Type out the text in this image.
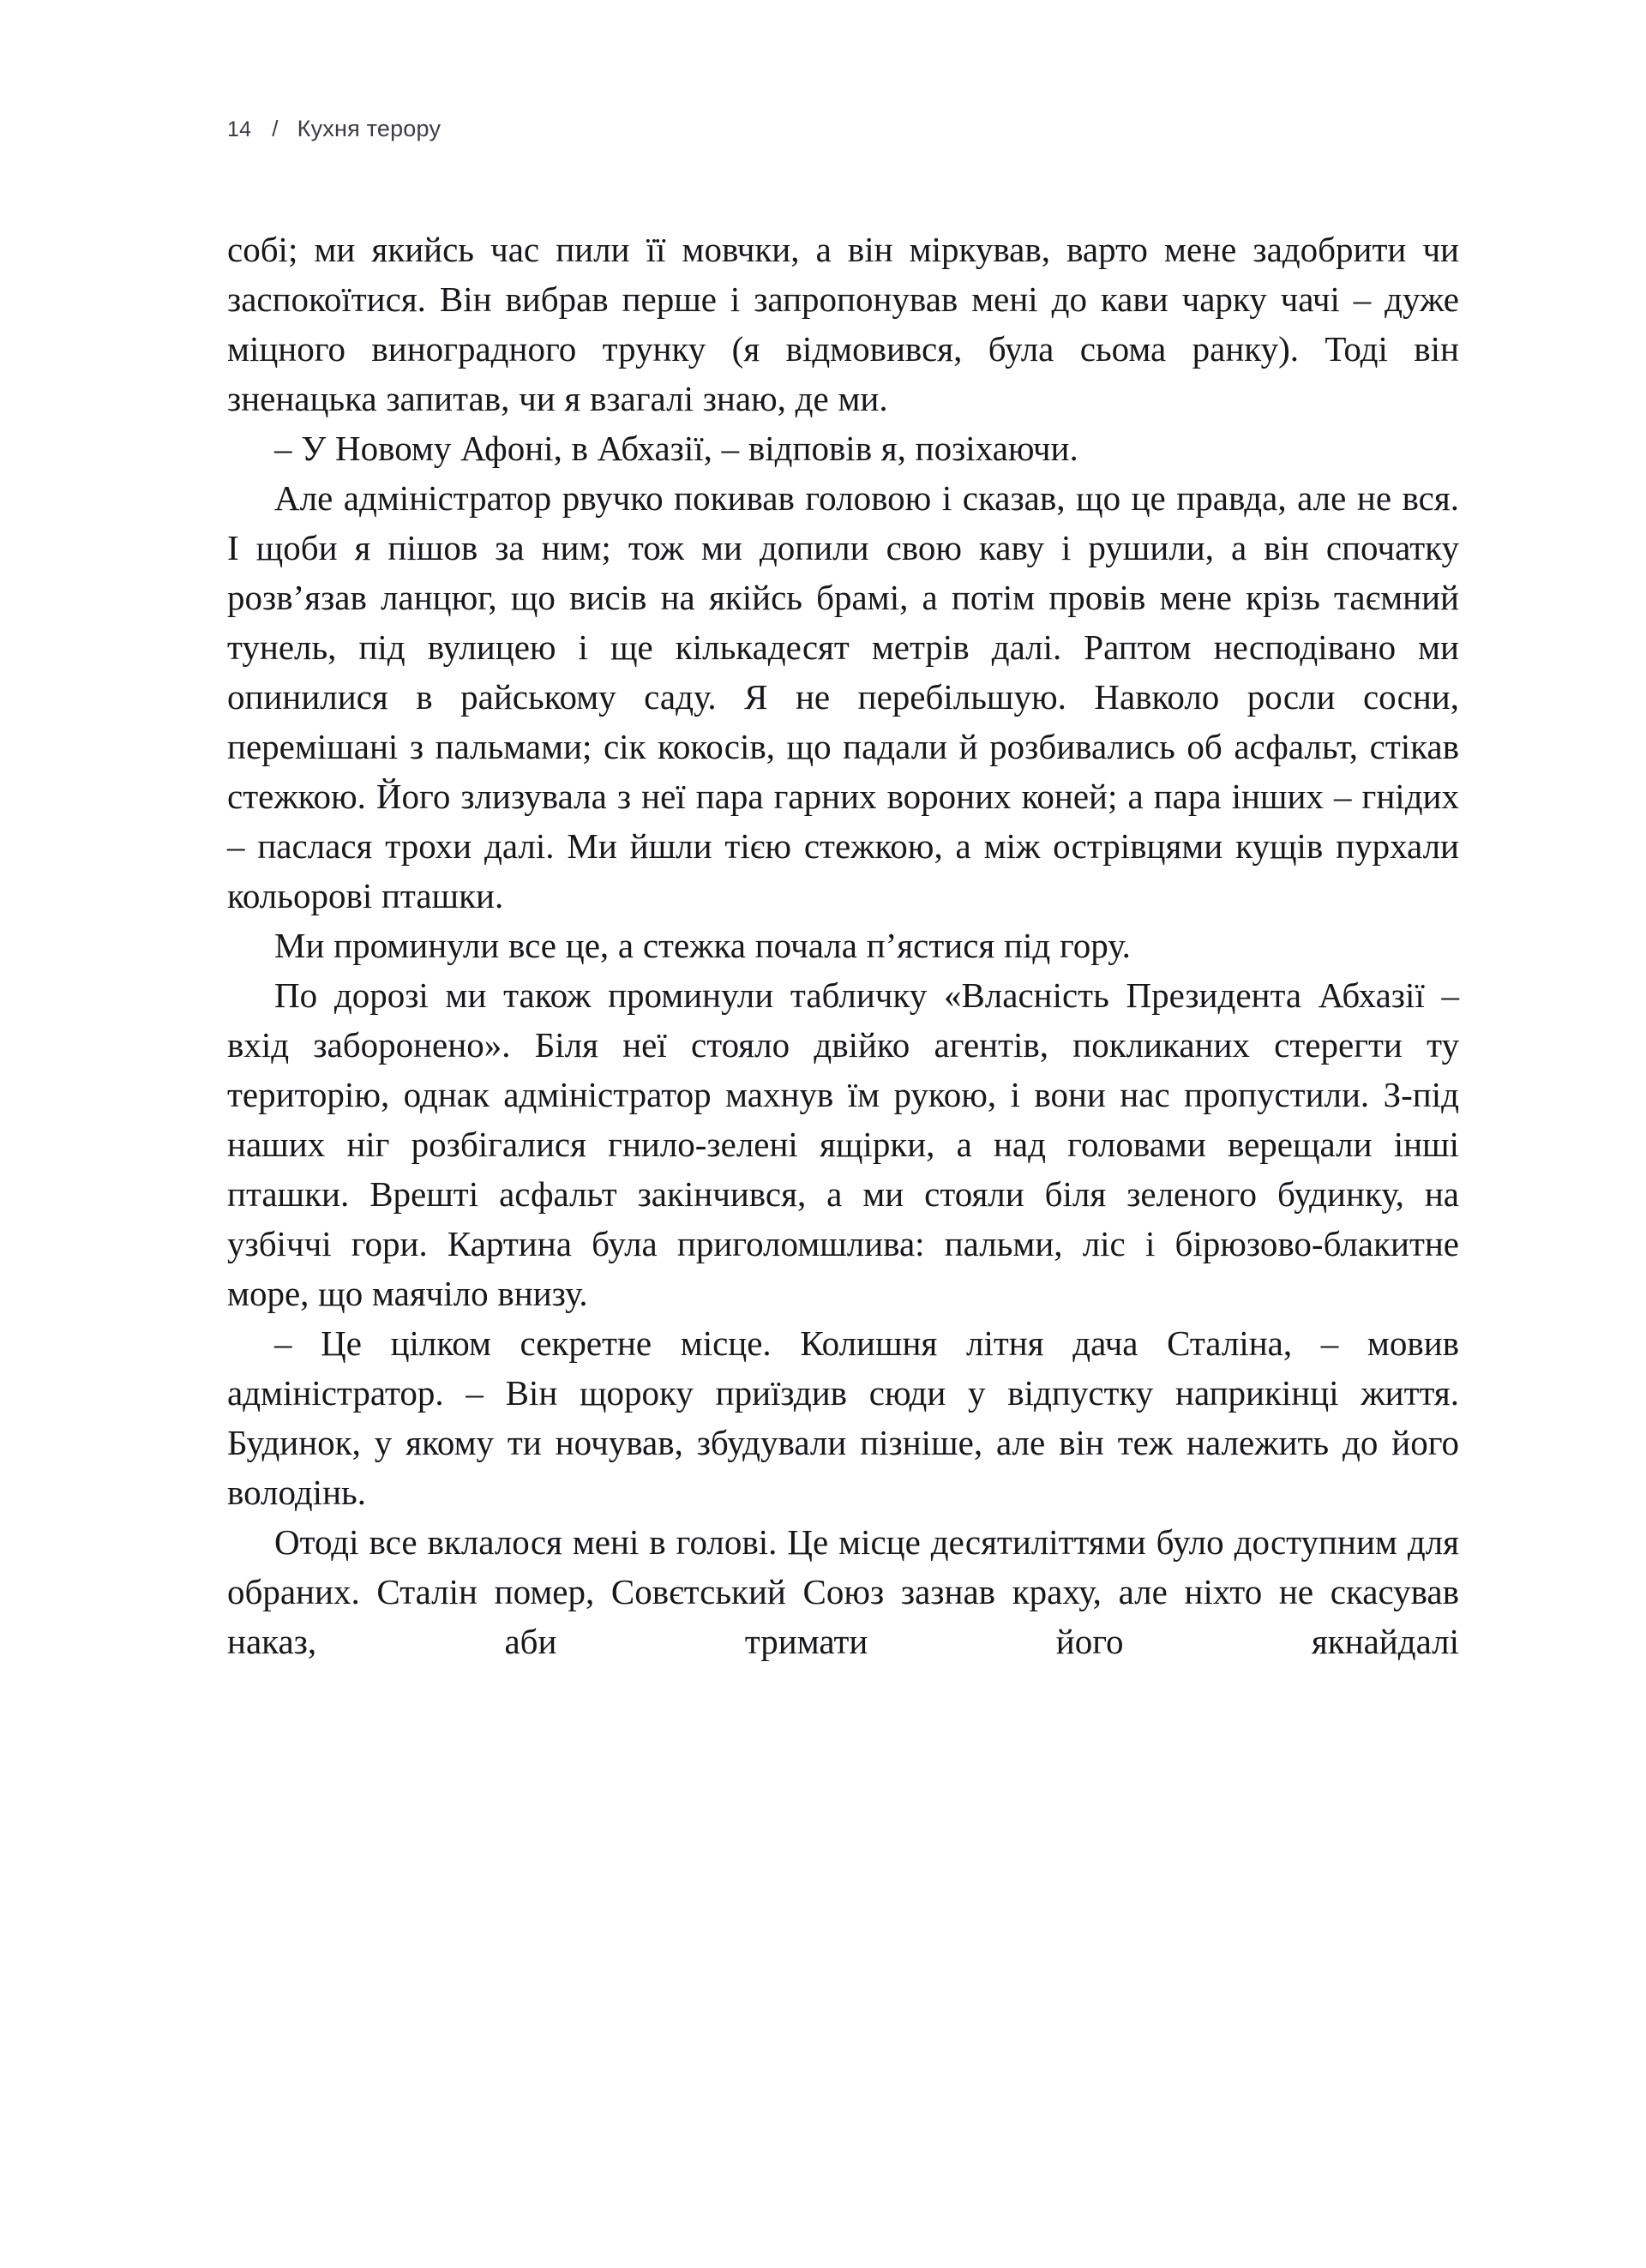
14 / Кухня терору

собі; ми якийсь час пили її мовчки, а він міркував, варто мене задобрити чи заспокоїтися. Він вибрав перше і запропонував мені до кави чарку чачі – дуже міцного виноградного трунку (я відмовився, була сьома ранку). Тоді він зненацька запитав, чи я взагалі знаю, де ми.

– У Новому Афоні, в Абхазії, – відповів я, позіхаючи.

Але адміністратор рвучко покивав головою і сказав, що це правда, але не вся. І щоби я пішов за ним; тож ми допили свою каву і рушили, а він спочатку розв’язав ланцюг, що висів на якійсь брамі, а потім провів мене крізь таємний тунель, під вулицею і ще кількадесят метрів далі. Раптом несподівано ми опинилися в райському саду. Я не перебільшую. Навколо росли сосни, перемішані з пальмами; сік кокосів, що падали й розбивались об асфальт, стікав стежкою. Його злизувала з неї пара гарних вороних коней; а пара інших – гнідих – паслася трохи далі. Ми йшли тією стежкою, а між острівцями кущів пурхали кольорові пташки.

Ми проминули все це, а стежка почала п’ястися під гору.

По дорозі ми також проминули табличку «Власність Президента Абхазії – вхід заборонено». Біля неї стояло двійко агентів, покликаних стерегти ту територію, однак адміністратор махнув їм рукою, і вони нас пропустили. З-під наших ніг розбігалися гнило-зелені ящірки, а над головами верещали інші пташки. Врешті асфальт закінчився, а ми стояли біля зеленого будинку, на узбіччі гори. Картина була приголомшлива: пальми, ліс і бірюзово-блакитне море, що маячіло внизу.

– Це цілком секретне місце. Колишня літня дача Сталіна, – мовив адміністратор. – Він щороку приїздив сюди у відпустку наприкінці життя. Будинок, у якому ти ночував, збудували пізніше, але він теж належить до його володінь.

Отоді все вклалося мені в голові. Це місце десятиліттями було доступним для обраних. Сталін помер, Совєтський Союз зазнав краху, але ніхто не скасував наказ, аби тримати його якнайдалі
